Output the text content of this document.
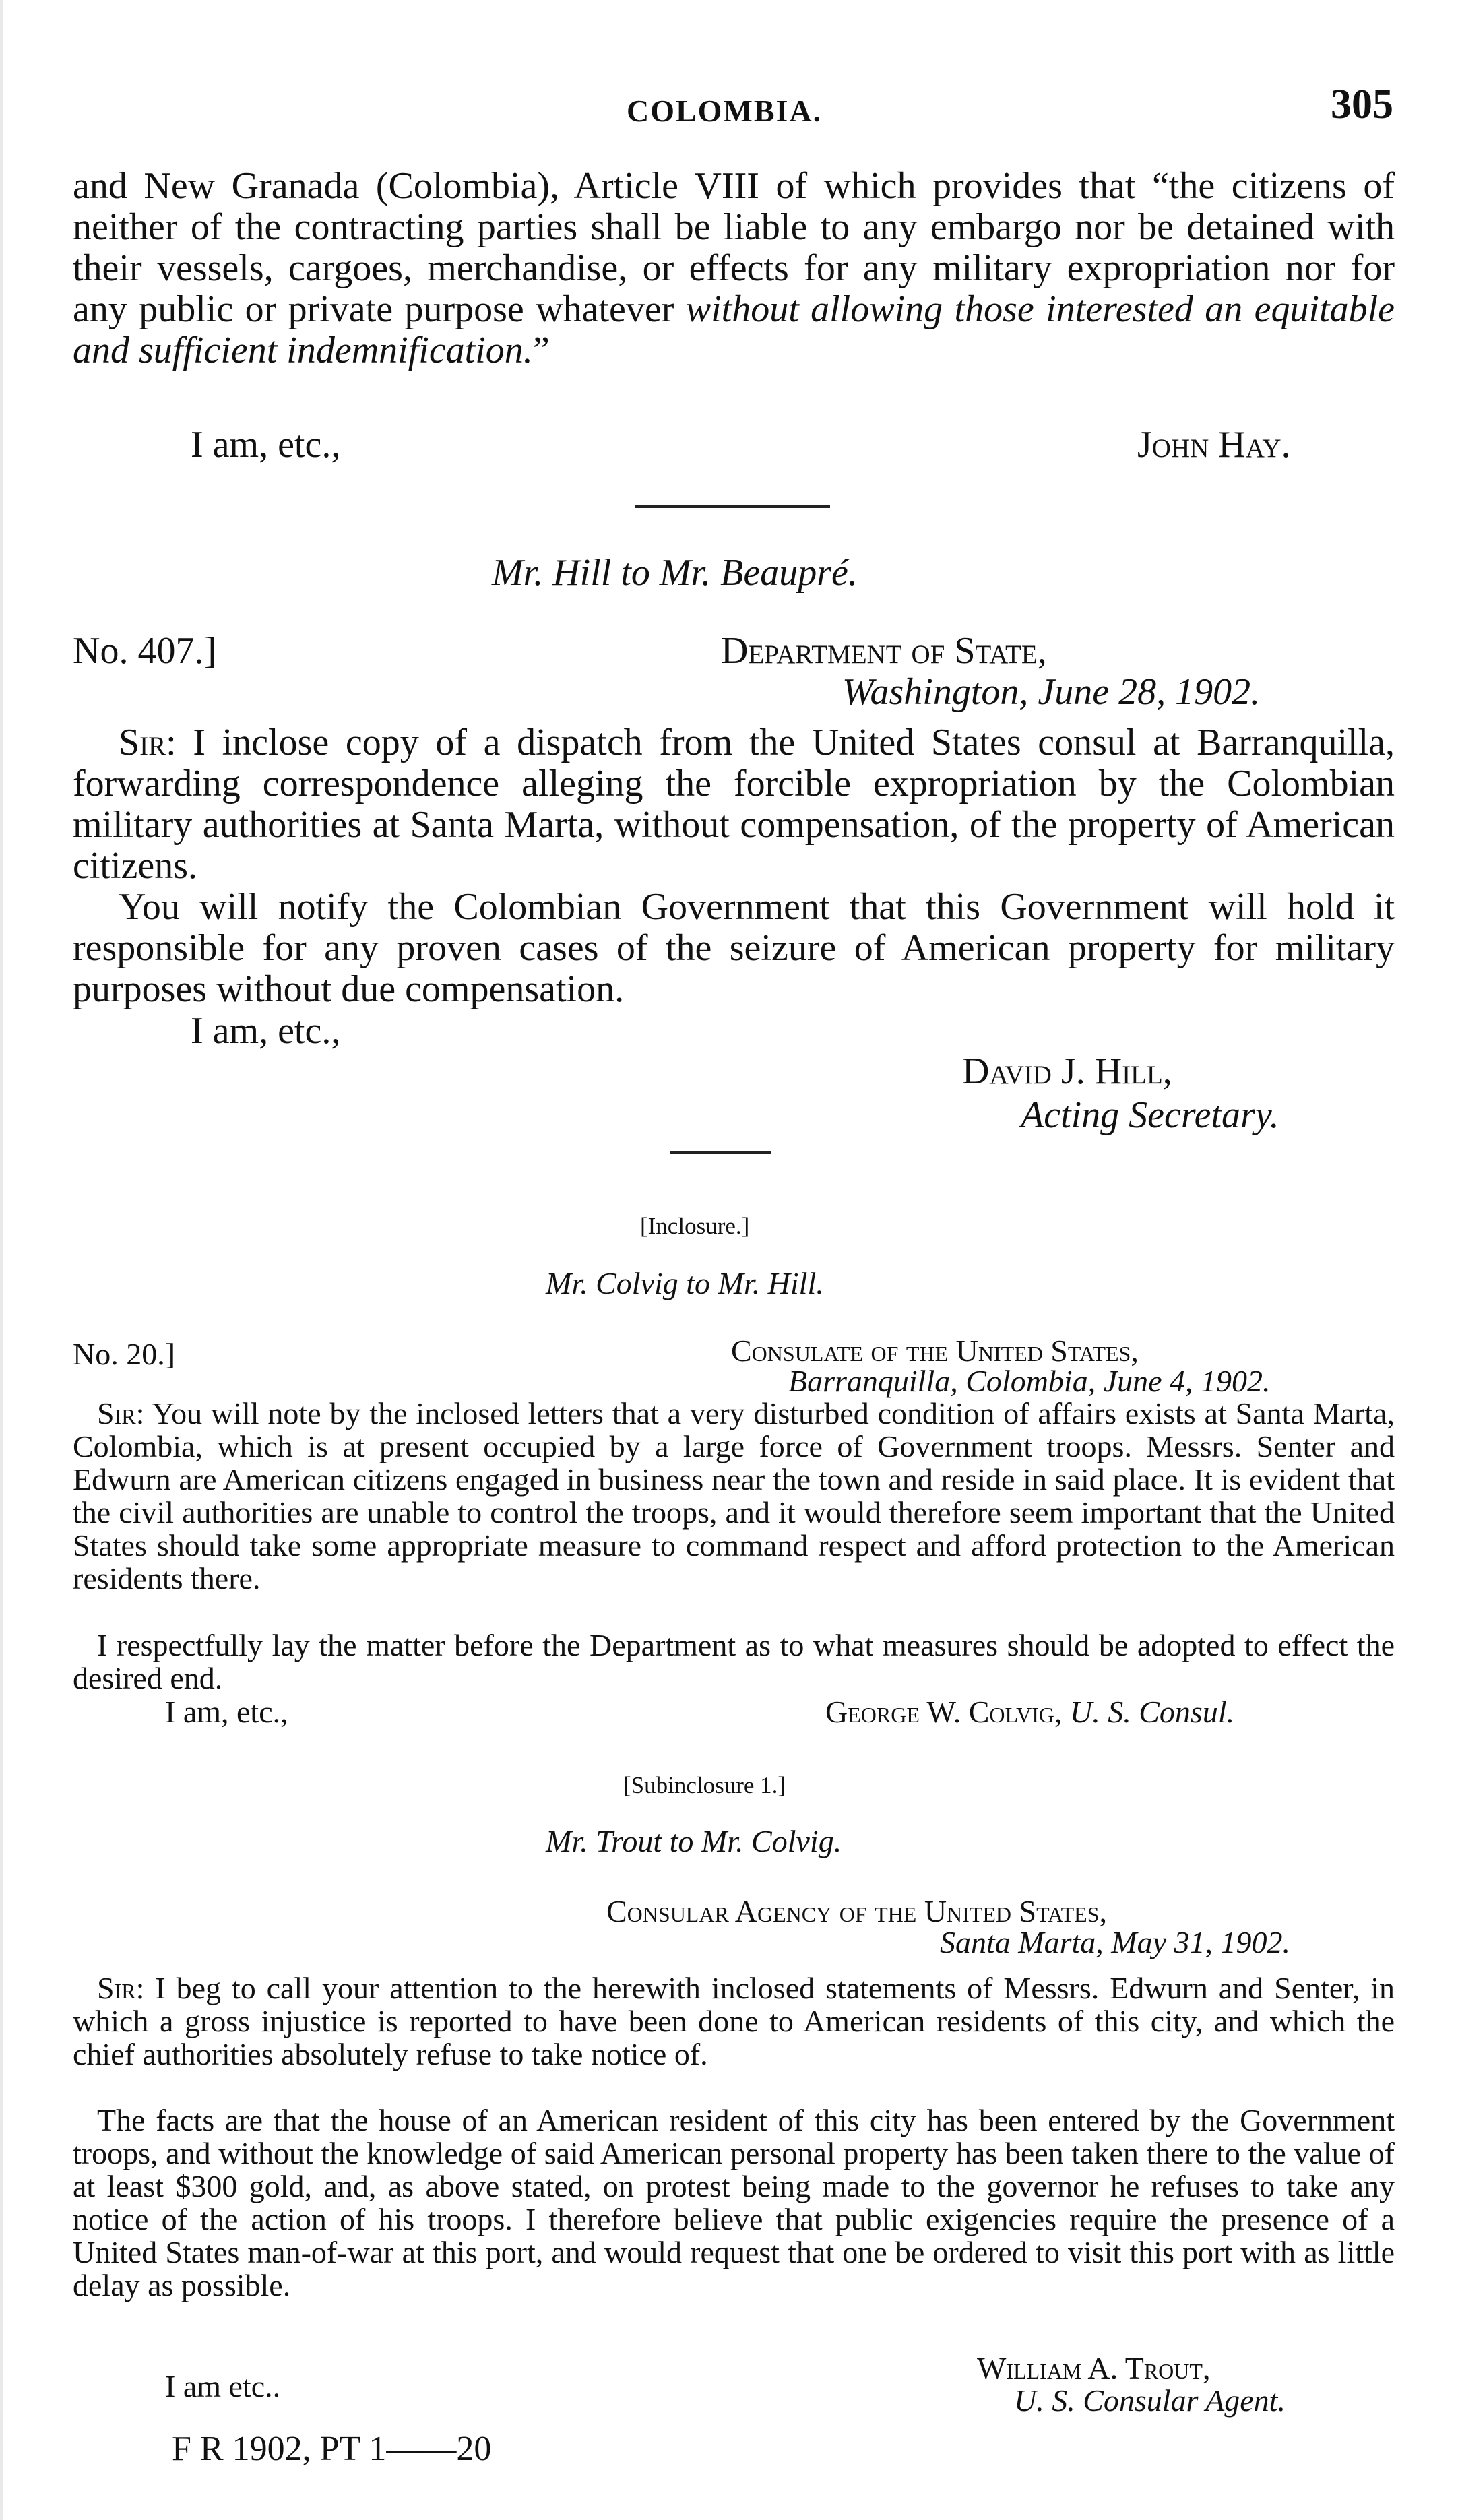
COLOMBIA.	305
and New Granada (Colombia), Article VIII of which provides that “the citizens of neither of the contracting parties shall be liable to any embargo nor be detained with their vessels, cargoes, merchandise, or effects for any military expropriation nor for any public or private purpose whatever without allowing those interested an equitable and sufficient indemnification.”
I am, etc.,	John Hay.
Mr. Hill to Mr. Beaupré.
No. 407.]	Department of State,
Washington, June 28, 1902.
Sir: I inclose copy of a dispatch from the United States consul at Barranquilla, forwarding correspondence alleging the forcible expropriation by the Colombian military authorities at Santa Marta, without compensation, of the property of American citizens.
You will notify the Colombian Government that this Government will hold it responsible for any proven cases of the seizure of American property for military purposes without due compensation.
I am, etc.,
David J. Hill,
Acting Secretary.
[Inclosure.]
Mr. Colvig to Mr. Hill.
No. 20.]	Consulate of the United States,
Barranquilla, Colombia, June 4, 1902.
Sir: You will note by the inclosed letters that a very disturbed condition of affairs exists at Santa Marta, Colombia, which is at present occupied by a large force of Government troops. Messrs. Senter and Edwurn are American citizens engaged in business near the town and reside in said place. It is evident that the civil authorities are unable to control the troops, and it would therefore seem important that the United States should take some appropriate measure to command respect and afford protection to the American residents there.
I respectfully lay the matter before the Department as to what measures should be adopted to effect the desired end.
I am, etc.,	George W. Colvig, U. S. Consul.
[Subinclosure 1.]
Mr. Trout to Mr. Colvig.
Consular Agency of the United States,
Santa Marta, May 31, 1902.
Sir: I beg to call your attention to the herewith inclosed statements of Messrs. Edwurn and Senter, in which a gross injustice is reported to have been done to American residents of this city, and which the chief authorities absolutely refuse to take notice of.
The facts are that the house of an American resident of this city has been entered by the Government troops, and without the knowledge of said American personal property has been taken there to the value of at least $300 gold, and, as above stated, on protest being made to the governor he refuses to take any notice of the action of his troops. I therefore believe that public exigencies require the presence of a United States man-of-war at this port, and would request that one be ordered to visit this port with as little delay as possible.
I am etc..
William A. Trout,
U. S. Consular Agent.
F R 1902, PT 1——20
